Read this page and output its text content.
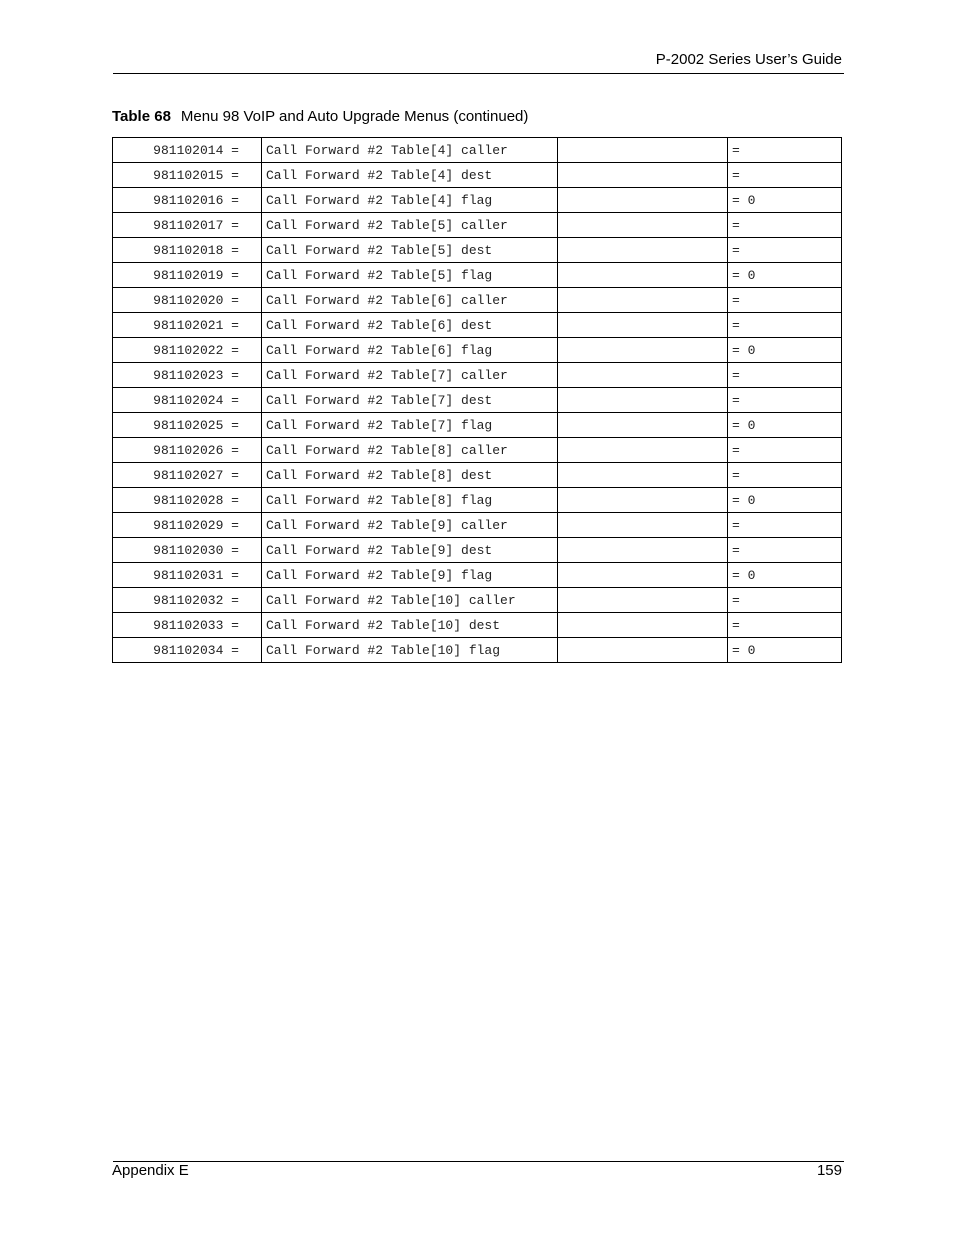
P-2002 Series User’s Guide
Table 68 Menu 98 VoIP and Auto Upgrade Menus (continued)
981102014 =	Call Forward #2 Table[4] caller		=
981102015 =	Call Forward #2 Table[4] dest		=
981102016 =	Call Forward #2 Table[4] flag		= 0
981102017 =	Call Forward #2 Table[5] caller		=
981102018 =	Call Forward #2 Table[5] dest		=
981102019 =	Call Forward #2 Table[5] flag		= 0
981102020 =	Call Forward #2 Table[6] caller		=
981102021 =	Call Forward #2 Table[6] dest		=
981102022 =	Call Forward #2 Table[6] flag		= 0
981102023 =	Call Forward #2 Table[7] caller		=
981102024 =	Call Forward #2 Table[7] dest		=
981102025 =	Call Forward #2 Table[7] flag		= 0
981102026 =	Call Forward #2 Table[8] caller		=
981102027 =	Call Forward #2 Table[8] dest		=
981102028 =	Call Forward #2 Table[8] flag		= 0
981102029 =	Call Forward #2 Table[9] caller		=
981102030 =	Call Forward #2 Table[9] dest		=
981102031 =	Call Forward #2 Table[9] flag		= 0
981102032 =	Call Forward #2 Table[10] caller		=
981102033 =	Call Forward #2 Table[10] dest		=
981102034 =	Call Forward #2 Table[10] flag		= 0
Appendix E	159
